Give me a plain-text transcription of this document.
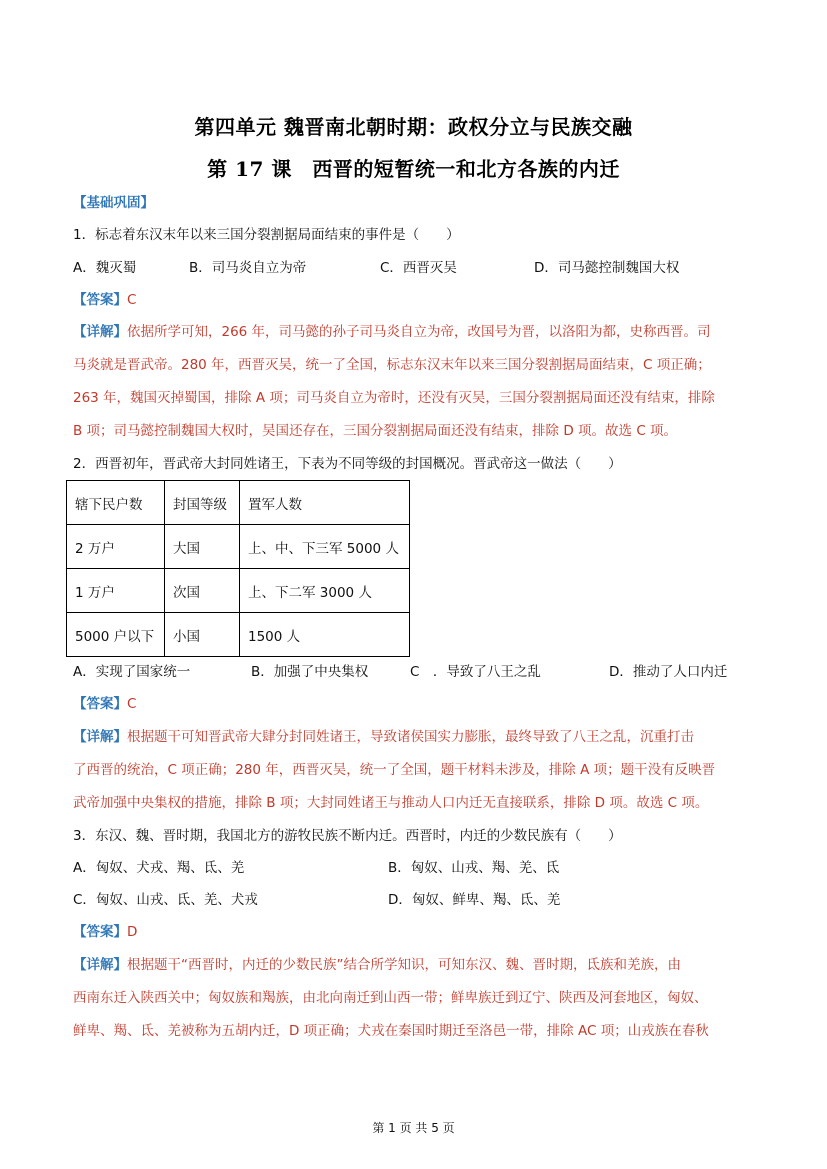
第四单元 魏晋南北朝时期：政权分立与民族交融
第 17 课　西晋的短暂统一和北方各族的内迁
【基础巩固】
1．标志着东汉末年以来三国分裂割据局面结束的事件是（　　）
A．魏灭蜀	B．司马炎自立为帝	C．西晋灭吴	D．司马懿控制魏国大权
【答案】C
【详解】依据所学可知，266 年，司马懿的孙子司马炎自立为帝，改国号为晋，以洛阳为都，史称西晋。司
马炎就是晋武帝。280 年，西晋灭吴，统一了全国，标志东汉末年以来三国分裂割据局面结束，C 项正确；
263 年，魏国灭掉蜀国，排除 A 项；司马炎自立为帝时，还没有灭吴，三国分裂割据局面还没有结束，排除
B 项；司马懿控制魏国大权时，吴国还存在，三国分裂割据局面还没有结束，排除 D 项。故选 C 项。
2．西晋初年，晋武帝大封同姓诸王，下表为不同等级的封国概况。晋武帝这一做法（　　）
辖下民户数	封国等级	置军人数
2 万户	大国	上、中、下三军 5000 人
1 万户	次国	上、下二军 3000 人
5000 户以下	小国	1500 人
A．实现了国家统一	B．加强了中央集权	C　．导致了八王之乱	D．推动了人口内迁
【答案】C
【详解】根据题干可知晋武帝大肆分封同姓诸王，导致诸侯国实力膨胀，最终导致了八王之乱，沉重打击
了西晋的统治，C 项正确；280 年，西晋灭吴，统一了全国，题干材料未涉及，排除 A 项；题干没有反映晋
武帝加强中央集权的措施，排除 B 项；大封同姓诸王与推动人口内迁无直接联系，排除 D 项。故选 C 项。
3．东汉、魏、晋时期，我国北方的游牧民族不断内迁。西晋时，内迁的少数民族有（　　）
A．匈奴、犬戎、羯、氐、羌	B．匈奴、山戎、羯、羌、氐
C．匈奴、山戎、氐、羌、犬戎	D．匈奴、鲜卑、羯、氐、羌
【答案】D
【详解】根据题干“西晋时，内迁的少数民族”结合所学知识，可知东汉、魏、晋时期，氐族和羌族，由
西南东迁入陕西关中；匈奴族和羯族，由北向南迁到山西一带；鲜卑族迁到辽宁、陕西及河套地区，匈奴、
鲜卑、羯、氐、羌被称为五胡内迁，D 项正确；犬戎在秦国时期迁至洛邑一带，排除 AC 项；山戎族在春秋
第 1 页 共 5 页
